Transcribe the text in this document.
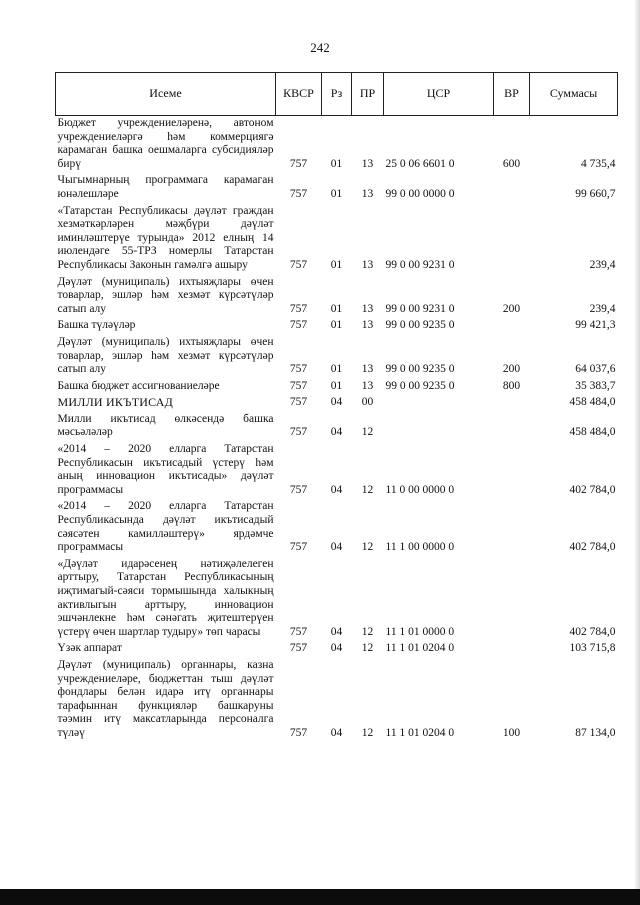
242
Исеме	КВСР	Рз	ПР	ЦСР	ВР	Суммасы
Бюджет учреждениеләренә, автоном учреждениеләргә һәм коммерциягә карамаган башка оешмаларга субсидияләр бирү	757	01	13	25 0 06 6601 0	600	4 735,4
Чыгымнарның программага карамаган юнәлешләре	757	01	13	99 0 00 0000 0		99 660,7
«Татарстан Республикасы дәүләт граждан хезмәткәрләрен мәҗбүри дәүләт иминләштерүе турында» 2012 елның 14 июлендәге 55-ТРЗ номерлы Татарстан Республикасы Законын гамәлгә ашыру	757	01	13	99 0 00 9231 0		239,4
Дәүләт (муниципаль) ихтыяҗлары өчен товарлар, эшләр һәм хезмәт күрсәтүләр сатып алу	757	01	13	99 0 00 9231 0	200	239,4
Башка түләүләр	757	01	13	99 0 00 9235 0		99 421,3
Дәүләт (муниципаль) ихтыяҗлары өчен товарлар, эшләр һәм хезмәт күрсәтүләр сатып алу	757	01	13	99 0 00 9235 0	200	64 037,6
Башка бюджет ассигнованиеләре	757	01	13	99 0 00 9235 0	800	35 383,7
МИЛЛИ ИКЪТИСАД	757	04	00			458 484,0
Милли икътисад өлкәсендә башка мәсьәләләр	757	04	12			458 484,0
«2014 – 2020 елларга Татарстан Республикасын икътисадый үстерү һәм аның инновацион икътисады» дәүләт программасы	757	04	12	11 0 00 0000 0		402 784,0
«2014 – 2020 елларга Татарстан Республикасында дәүләт икътисадый сәясәтен камилләштерү» ярдәмче программасы	757	04	12	11 1 00 0000 0		402 784,0
«Дәүләт идарәсенең нәтиҗәлелеген арттыру, Татарстан Республикасының иҗтимагый-сәяси тормышында халыкның активлыгын арттыру, инновацион эшчәнлекне һәм сәнәгать җитештерүен үстерү өчен шартлар тудыру» төп чарасы	757	04	12	11 1 01 0000 0		402 784,0
Үзәк аппарат	757	04	12	11 1 01 0204 0		103 715,8
Дәүләт (муниципаль) органнары, казна учреждениеләре, бюджеттан тыш дәүләт фондлары белән идарә итү органнары тарафыннан функцияләр башкаруны тәэмин итү максатларында персоналга түләү	757	04	12	11 1 01 0204 0	100	87 134,0
